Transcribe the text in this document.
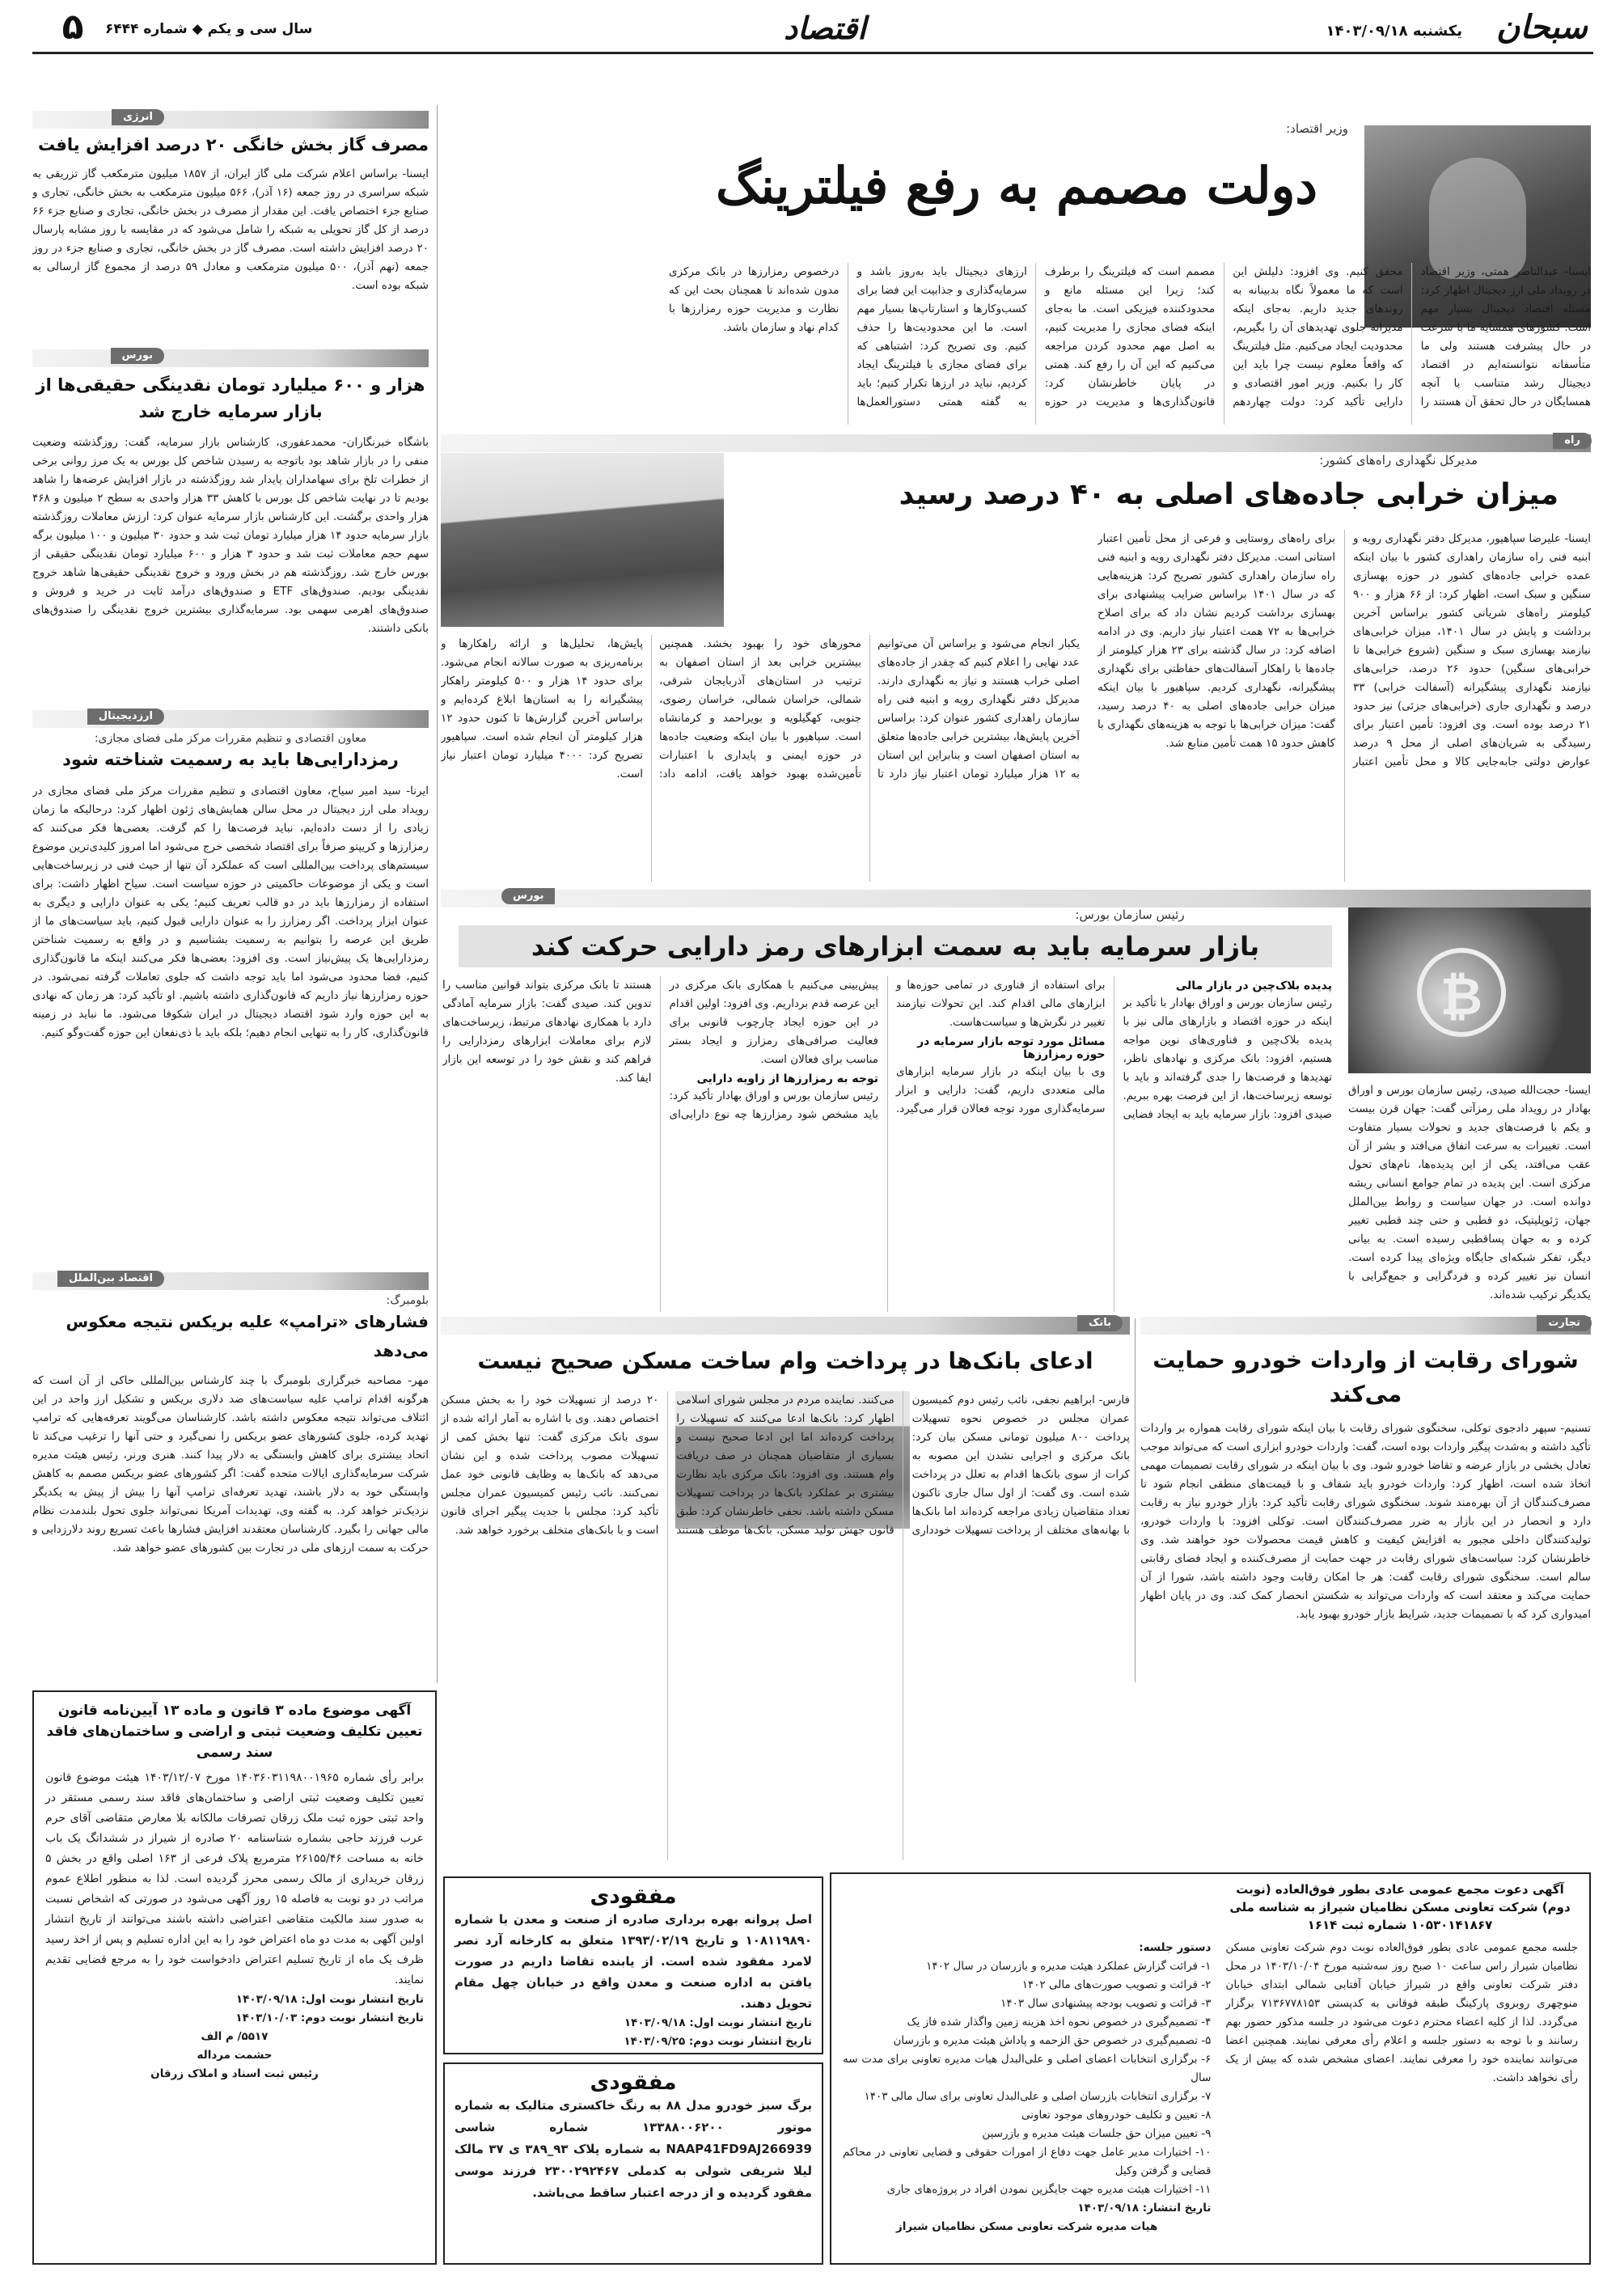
سبحان
یکشنبه ۱۴۰۳/۰۹/۱۸
اقتصاد
سال سی و یکم ◆ شماره ۶۴۴۴
۵
وزیر اقتصاد:
دولت مصمم به رفع فیلترینگ
ایسنا- عبدالناصر همتی، وزیر اقتصاد در رویداد ملی ارز دیجیتال اظهار کرد: مسئله اقتصاد دیجیتال بسیار مهم است. کشورهای همسایه ما با سرعت در حال پیشرفت هستند ولی ما متأسفانه نتوانسته‌ایم در اقتصاد دیجیتال رشد متناسب با آنچه همسایگان در حال تحقق آن هستند را محقق کنیم. وی افزود: دلیلش این است که ما معمولاً نگاه بدبینانه به روندهای جدید داریم. به‌جای اینکه مدیرانه جلوی تهدیدهای آن را بگیریم، محدودیت ایجاد می‌کنیم. مثل فیلترینگ که واقعاً معلوم نیست چرا باید این کار را بکنیم. وزیر امور اقتصادی و دارایی تأکید کرد: دولت چهاردهم مصمم است که فیلترینگ را برطرف کند؛ زیرا این مسئله مانع و محدودکننده فیزیکی است. ما به‌جای اینکه فضای مجازی را مدیریت کنیم، به اصل مهم محدود کردن مراجعه می‌کنیم که این آن را رفع کند. همتی در پایان خاطرنشان کرد: قانون‌گذاری‌ها و مدیریت در حوزه ارزهای دیجیتال باید به‌روز باشد و سرمایه‌گذاری و جذابیت این فضا برای کسب‌وکارها و استارتاپ‌ها بسیار مهم است. ما این محدودیت‌ها را حذف کنیم. وی تصریح کرد: اشتباهی که برای فضای مجازی با فیلترینگ ایجاد کردیم، نباید در ارزها تکرار کنیم؛ باید به گفته همتی دستورالعمل‌ها درخصوص رمزارزها در بانک مرکزی مدون شده‌اند تا همچنان بحث این که نظارت و مدیریت حوزه رمزارزها با کدام نهاد و سازمان باشد.
راه
مدیرکل نگهداری راه‌های کشور:
میزان خرابی جاده‌های اصلی به ۴۰ درصد رسید
ایسنا- علیرضا سپاهیور، مدیرکل دفتر نگهداری رویه و ابنیه فنی راه سازمان راهداری کشور با بیان اینکه عمده خرابی جاده‌های کشور در حوزه بهسازی سنگین و سبک است، اظهار کرد: از ۶۶ هزار و ۹۰۰ کیلومتر راه‌های شریانی کشور براساس آخرین برداشت و پایش در سال ۱۴۰۱، میزان خرابی‌های نیازمند بهسازی سبک و سنگین (شروع خرابی‌ها تا خرابی‌های سنگین) حدود ۲۶ درصد، خرابی‌های نیازمند نگهداری پیشگیرانه (آسفالت خرابی) ۳۳ درصد و نگهداری جاری (خرابی‌های جزئی) نیز حدود ۲۱ درصد بوده است. وی افزود: تأمین اعتبار برای رسیدگی به شریان‌های اصلی از محل ۹ درصد عوارض دولتی جابه‌جایی کالا و محل تأمین اعتبار برای راه‌های روستایی و فرعی از محل تأمین اعتبار استانی است. مدیرکل دفتر نگهداری رویه و ابنیه فنی راه سازمان راهداری کشور تصریح کرد: هزینه‌هایی که در سال ۱۴۰۱ براساس ضرایب پیشنهادی برای بهسازی برداشت کردیم نشان داد که برای اصلاح خرابی‌ها به ۷۲ همت اعتبار نیاز داریم. وی در ادامه اضافه کرد: در سال گذشته برای ۲۳ هزار کیلومتر از جاده‌ها با راهکار آسفالت‌های حفاظتی برای نگهداری پیشگیرانه، نگهداری کردیم. سپاهیور با بیان اینکه میزان خرابی جاده‌های اصلی به ۴۰ درصد رسید، گفت: میزان خرابی‌ها با توجه به هزینه‌های نگهداری با کاهش حدود ۱۵ همت تأمین منابع شد.
یکبار انجام می‌شود و براساس آن می‌توانیم عدد نهایی را اعلام کنیم که چقدر از جاده‌های اصلی خراب هستند و نیاز به نگهداری دارند. مدیرکل دفتر نگهداری رویه و ابنیه فنی راه سازمان راهداری کشور عنوان کرد: براساس آخرین پایش‌ها، بیشترین خرابی جاده‌ها متعلق به استان اصفهان است و بنابراین این استان به ۱۲ هزار میلیارد تومان اعتبار نیاز دارد تا محورهای خود را بهبود بخشد. همچنین بیشترین خرابی بعد از استان اصفهان به ترتیب در استان‌های آذربایجان شرقی، شمالی، خراسان شمالی، خراسان رضوی، جنوبی، کهگیلویه و بویراحمد و کرمانشاه است. سپاهیور با بیان اینکه وضعیت جاده‌ها در حوزه ایمنی و پایداری با اعتبارات تأمین‌شده بهبود خواهد یافت، ادامه داد: پایش‌ها، تحلیل‌ها و ارائه راهکارها و برنامه‌ریزی به صورت سالانه انجام می‌شود. برای حدود ۱۴ هزار و ۵۰۰ کیلومتر راهکار پیشگیرانه را به استان‌ها ابلاغ کرده‌ایم و براساس آخرین گزارش‌ها تا کنون حدود ۱۲ هزار کیلومتر آن انجام شده است. سپاهیور تصریح کرد: ۴۰۰۰ میلیارد تومان اعتبار نیاز است.
انرژی
مصرف گاز بخش خانگی ۲۰ درصد افزایش یافت
ایسنا- براساس اعلام شرکت ملی گاز ایران، از ۱۸۵۷ میلیون مترمکعب گاز تزریقی به شبکه سراسری در روز جمعه (۱۶ آذر)، ۵۶۶ میلیون مترمکعب به بخش خانگی، تجاری و صنایع جزء اختصاص یافت. این مقدار از مصرف در بخش خانگی، تجاری و صنایع جزء ۶۶ درصد از کل گاز تحویلی به شبکه را شامل می‌شود که در مقایسه با روز مشابه پارسال ۲۰ درصد افزایش داشته است. مصرف گاز در بخش خانگی، تجاری و صنایع جزء در روز جمعه (نهم آذر)، ۵۰۰ میلیون مترمکعب و معادل ۵۹ درصد از مجموع گاز ارسالی به شبکه بوده است.
بورس
هزار و ۶۰۰ میلیارد تومان نقدینگی حقیقی‌ها از بازار سرمایه خارج شد
باشگاه خبرنگاران- محمدعفوری، کارشناس بازار سرمایه، گفت: روزگذشته وضعیت منفی را در بازار شاهد بود باتوجه به رسیدن شاخص کل بورس به یک مرز روانی برخی از خطرات تلخ برای سهامداران پایدار شد روزگذشته در بازار افزایش عرضه‌ها را شاهد بودیم تا در نهایت شاخص کل بورس با کاهش ۳۳ هزار واحدی به سطح ۲ میلیون و ۴۶۸ هزار واحدی برگشت. این کارشناس بازار سرمایه عنوان کرد: ارزش معاملات روزگذشته بازار سرمایه حدود ۱۴ هزار میلیارد تومان ثبت شد و حدود ۳۰ میلیون و ۱۰۰ میلیون برگه سهم حجم معاملات ثبت شد و حدود ۳ هزار و ۶۰۰ میلیارد تومان نقدینگی حقیقی از بورس خارج شد. روزگذشته هم در بخش ورود و خروج نقدینگی حقیقی‌ها شاهد خروج نقدینگی بودیم. صندوق‌های ETF و صندوق‌های درآمد ثابت در خرید و فروش و صندوق‌های اهرمی سهمی بود. سرمایه‌گذاری بیشترین خروج نقدینگی را صندوق‌های بانکی داشتند.
ارزدیجیتال
معاون اقتصادی و تنظیم مقررات مرکز ملی فضای مجازی:
رمزدارایی‌ها باید به رسمیت شناخته شود
ایرنا- سید امیر سیاح، معاون اقتصادی و تنظیم مقررات مرکز ملی فضای مجازی در رویداد ملی ارز دیجیتال در محل سالن همایش‌های ژئون اظهار کرد: درحالیکه ما زمان زیادی را از دست داده‌ایم، نباید فرصت‌ها را کم گرفت. بعضی‌ها فکر می‌کنند که رمزارزها و کریپتو صرفاً برای اقتصاد شخصی خرج می‌شود اما امروز کلیدی‌ترین موضوع سیستم‌های پرداخت بین‌المللی است که عملکرد آن تنها از حیث فنی در زیرساخت‌هایی است و یکی از موضوعات حاکمیتی در حوزه سیاست است. سیاح اظهار داشت: برای استفاده از رمزارزها باید در دو قالب تعریف کنیم؛ یکی به عنوان دارایی و دیگری به عنوان ابزار پرداخت. اگر رمزارز را به عنوان دارایی قبول کنیم، باید سیاست‌های ما از طریق این عرصه را بتوانیم به رسمیت بشناسیم و در واقع به رسمیت شناختن رمزدارایی‌ها یک پیش‌نیاز است. وی افزود: بعضی‌ها فکر می‌کنند اینکه ما قانون‌گذاری کنیم، فضا محدود می‌شود اما باید توجه داشت که جلوی تعاملات گرفته نمی‌شود. در حوزه رمزارزها نیاز داریم که قانون‌گذاری داشته باشیم. او تأکید کرد: هر زمان که نهادی به این حوزه وارد شود اقتصاد دیجیتال در ایران شکوفا می‌شود. ما نباید در زمینه قانون‌گذاری، کار را به تنهایی انجام دهیم؛ بلکه باید با ذی‌نفعان این حوزه گفت‌وگو کنیم.
اقتصاد بین‌الملل
بلومبرگ:
فشارهای «ترامپ» علیه بریکس نتیجه معکوس می‌دهد
مهر- مصاحبه خبرگزاری بلومبرگ با چند کارشناس بین‌المللی حاکی از آن است که هرگونه اقدام ترامپ علیه سیاست‌های ضد دلاری بریکس و تشکیل ارز واحد در این ائتلاف می‌تواند نتیجه معکوس داشته باشد. کارشناسان می‌گویند تعرفه‌هایی که ترامپ تهدید کرده، جلوی کشورهای عضو بریکس را نمی‌گیرد و حتی آنها را ترغیب می‌کند تا اتحاد بیشتری برای کاهش وابستگی به دلار پیدا کنند. هنری ورنر، رئیس هیئت مدیره شرکت سرمایه‌گذاری ایالات متحده گفت: اگر کشورهای عضو بریکس مصمم به کاهش وابستگی خود به دلار باشند، تهدید تعرفه‌ای ترامپ آنها را بیش از پیش به یکدیگر نزدیک‌تر خواهد کرد. به گفته وی، تهدیدات آمریکا نمی‌تواند جلوی تحول بلندمدت نظام مالی جهانی را بگیرد. کارشناسان معتقدند افزایش فشارها باعث تسریع روند دلارزدایی و حرکت به سمت ارزهای ملی در تجارت بین کشورهای عضو خواهد شد.
بورس
₿
رئیس سازمان بورس:
بازار سرمایه باید به سمت ابزارهای رمز دارایی حرکت کند
ایسنا- حجت‌الله صیدی، رئیس سازمان بورس و اوراق بهادار در رویداد ملی رمزآتی گفت: جهان قرن بیست و یکم با فرصت‌های جدید و تحولات بسیار متفاوت است. تغییرات به سرعت اتفاق می‌افتد و بشر از آن عقب می‌افتد، یکی از این پدیده‌ها، نام‌های تحول مرکزی است. این پدیده در تمام جوامع انسانی ریشه دوانده است. در جهان سیاست و روابط بین‌الملل جهان، ژئوپلیتیک، دو قطبی و حتی چند قطبی تغییر کرده و به جهان پسا‌قطبی رسیده است. به بیانی دیگر، تفکر شبکه‌ای جایگاه ویژه‌ای پیدا کرده است. انسان نیز تغییر کرده و فردگرایی و جمع‌گرایی با یکدیگر ترکیب شده‌اند.
پدیده بلاک‌چین در بازار مالی
رئیس سازمان بورس و اوراق بهادار با تأکید بر اینکه در حوزه اقتصاد و بازارهای مالی نیز با پدیده بلاک‌چین و فناوری‌های نوین مواجه هستیم، افزود: بانک مرکزی و نهادهای ناظر، تهدیدها و فرصت‌ها را جدی گرفته‌اند و باید با توسعه زیرساخت‌ها، از این فرصت بهره ببریم. صیدی افزود: بازار سرمایه باید به ایجاد فضایی برای استفاده از فناوری در تمامی حوزه‌ها و ابزارهای مالی اقدام کند. این تحولات نیازمند تغییر در نگرش‌ها و سیاست‌هاست.
مسائل مورد توجه بازار سرمایه در حوزه رمزارزها
وی با بیان اینکه در بازار سرمایه ابزارهای مالی متعددی داریم، گفت: دارایی و ابزار سرمایه‌گذاری مورد توجه فعالان قرار می‌گیرد. پیش‌بینی می‌کنیم با همکاری بانک مرکزی در این عرصه قدم برداریم. وی افزود: اولین اقدام در این حوزه ایجاد چارچوب قانونی برای فعالیت صرافی‌های رمزارز و ایجاد بستر مناسب برای فعالان است.
توجه به رمزارزها از زاویه دارایی
رئیس سازمان بورس و اوراق بهادار تأکید کرد: باید مشخص شود رمزارزها چه نوع دارایی‌ای هستند تا بانک مرکزی بتواند قوانین مناسب را تدوین کند. صیدی گفت: بازار سرمایه آمادگی دارد با همکاری نهادهای مرتبط، زیرساخت‌های لازم برای معاملات ابزارهای رمزدارایی را فراهم کند و نقش خود را در توسعه این بازار ایفا کند.
تجارت
شورای رقابت از واردات خودرو حمایت می‌کند
تسنیم- سپهر دادجوی توکلی، سخنگوی شورای رقابت با بیان اینکه شورای رقابت همواره بر واردات تأکید داشته و به‌شدت پیگیر واردات بوده است، گفت: واردات خودرو ابزاری است که می‌تواند موجب تعادل بخشی در بازار عرضه و تقاضا خودرو شود. وی با بیان اینکه در شورای رقابت تصمیمات مهمی اتخاذ شده است، اظهار کرد: واردات خودرو باید شفاف و با قیمت‌های منطقی انجام شود تا مصرف‌کنندگان از آن بهره‌مند شوند. سخنگوی شورای رقابت تأکید کرد: بازار خودرو نیاز به رقابت دارد و انحصار در این بازار به ضرر مصرف‌کنندگان است. توکلی افزود: با واردات خودرو، تولیدکنندگان داخلی مجبور به افزایش کیفیت و کاهش قیمت محصولات خود خواهند شد. وی خاطرنشان کرد: سیاست‌های شورای رقابت در جهت حمایت از مصرف‌کننده و ایجاد فضای رقابتی سالم است. سخنگوی شورای رقابت گفت: هر جا امکان رقابت وجود داشته باشد، شورا از آن حمایت می‌کند و معتقد است که واردات می‌تواند به شکستن انحصار کمک کند. وی در پایان اظهار امیدواری کرد که با تصمیمات جدید، شرایط بازار خودرو بهبود یابد.
بانک
ادعای بانک‌ها در پرداخت وام ساخت مسکن صحیح نیست
فارس- ابراهیم نجفی، نائب رئیس دوم کمیسیون عمران مجلس در خصوص نحوه تسهیلات پرداخت ۸۰۰ میلیون تومانی مسکن بیان کرد: بانک مرکزی و اجرایی نشدن این مصوبه به کرات از سوی بانک‌ها اقدام به تعلل در پرداخت شده است. وی گفت: از اول سال جاری تاکنون تعداد متقاضیان زیادی مراجعه کرده‌اند اما بانک‌ها با بهانه‌های مختلف از پرداخت تسهیلات خودداری می‌کنند. نماینده مردم در مجلس شورای اسلامی اظهار کرد: بانک‌ها ادعا می‌کنند که تسهیلات را پرداخت کرده‌اند اما این ادعا صحیح نیست و بسیاری از متقاضیان همچنان در صف دریافت وام هستند. وی افزود: بانک مرکزی باید نظارت بیشتری بر عملکرد بانک‌ها در پرداخت تسهیلات مسکن داشته باشد. نجفی خاطرنشان کرد: طبق قانون جهش تولید مسکن، بانک‌ها موظف هستند ۲۰ درصد از تسهیلات خود را به بخش مسکن اختصاص دهند. وی با اشاره به آمار ارائه شده از سوی بانک مرکزی گفت: تنها بخش کمی از تسهیلات مصوب پرداخت شده و این نشان می‌دهد که بانک‌ها به وظایف قانونی خود عمل نمی‌کنند. نائب رئیس کمیسیون عمران مجلس تأکید کرد: مجلس با جدیت پیگیر اجرای قانون است و با بانک‌های متخلف برخورد خواهد شد.
آگهی موضوع ماده ۳ قانون و ماده ۱۳ آیین‌نامه قانون تعیین تکلیف وضعیت ثبتی و اراضی و ساختمان‌های فاقد سند رسمی
برابر رأی شماره ۱۴۰۳۶۰۳۱۱۹۸۰۰۱۹۶۵ مورخ ۱۴۰۳/۱۲/۰۷ هیئت موضوع قانون تعیین تکلیف وضعیت ثبتی اراضی و ساختمان‌های فاقد سند رسمی مستقر در واحد ثبتی حوزه ثبت ملک زرقان تصرفات مالکانه بلا معارض متقاضی آقای حرم عرب فرزند حاجی بشماره شناسنامه ۲۰ صادره از شیراز در ششدانگ یک باب خانه به مساحت ۲۶۱۵۵/۴۶ مترمربع پلاک فرعی از ۱۶۳ اصلی واقع در بخش ۵ زرقان خریداری از مالک رسمی محرز گردیده است. لذا به منظور اطلاع عموم مراتب در دو نوبت به فاصله ۱۵ روز آگهی می‌شود در صورتی که اشخاص نسبت به صدور سند مالکیت متقاضی اعتراضی داشته باشند می‌توانند از تاریخ انتشار اولین آگهی به مدت دو ماه اعتراض خود را به این اداره تسلیم و پس از اخذ رسید ظرف یک ماه از تاریخ تسلیم اعتراض دادخواست خود را به مرجع قضایی تقدیم نمایند.
تاریخ انتشار نوبت اول: ۱۴۰۳/۰۹/۱۸
تاریخ انتشار نوبت دوم: ۱۴۰۳/۱۰/۰۳
۵۵۱۷/ م الف
حشمت مرداله
رئیس ثبت اسناد و املاک زرقان
مفقودی
اصل پروانه بهره برداری صادره از صنعت و معدن با شماره ۱۰۸۱۱۹۸۹۰ و تاریخ ۱۳۹۳/۰۲/۱۹ متعلق به کارخانه آرد نصر لامرد مفقود شده است. از یابنده تقاضا داریم در صورت یافتن به اداره صنعت و معدن واقع در خیابان چهل مقام تحویل دهند.
تاریخ انتشار نوبت اول: ۱۴۰۳/۰۹/۱۸
تاریخ انتشار نوبت دوم: ۱۴۰۳/۰۹/۲۵
مفقودی
برگ سبز خودرو مدل ۸۸ به رنگ خاکستری متالیک به شماره موتور ۱۳۳۸۸۰۰۶۲۰۰ شماره شاسی NAAP41FD9AJ266939 به شماره پلاک ۹۳_۳۸۹ ی ۳۷ مالک لیلا شریفی شولی به کدملی ۲۳۰۰۲۹۲۴۶۷ فرزند موسی مفقود گردیده و از درجه اعتبار ساقط می‌باشد.
آگهی دعوت مجمع عمومی عادی بطور فوق‌العاده (نوبت دوم) شرکت تعاونی مسکن نظامیان شیراز به شناسه ملی ۱۰۵۳۰۱۴۱۸۶۷ شماره ثبت ۱۶۱۴
جلسه مجمع عمومی عادی بطور فوق‌العاده نوبت دوم شرکت تعاونی مسکن نظامیان شیراز راس ساعت ۱۰ صبح روز سه‌شنبه مورخ ۱۴۰۳/۱۰/۰۴ در محل دفتر شرکت تعاونی واقع در شیراز خیابان آفتابی شمالی ابتدای خیابان منوچهری روبروی پارکینگ طبقه فوقانی به کدپستی ۷۱۳۶۷۷۸۱۵۳ برگزار می‌گردد. لذا از کلیه اعضاء محترم دعوت می‌شود در جلسه مذکور حضور بهم رسانند و با توجه به دستور جلسه و اعلام رأی معرفی نمایند. همچنین اعضا می‌توانند نماینده خود را معرفی نمایند. اعضای مشخص شده که بیش از یک رأی نخواهد داشت.
دستور جلسه:
۱- قرائت گزارش عملکرد هیئت مدیره و بازرسان در سال ۱۴۰۲
۲- قرائت و تصویب صورت‌های مالی ۱۴۰۲
۳- قرائت و تصویب بودجه پیشنهادی سال ۱۴۰۳
۴- تصمیم‌گیری در خصوص نحوه اخذ هزینه زمین واگذار شده فاز یک
۵- تصمیم‌گیری در خصوص حق الزحمه و پاداش هیئت مدیره و بازرسان
۶- برگزاری انتخابات اعضای اصلی و علی‌البدل هیات مدیره تعاونی برای مدت سه سال
۷- برگزاری انتخابات بازرسان اصلی و علی‌البدل تعاونی برای سال مالی ۱۴۰۳
۸- تعیین و تکلیف خودروهای موجود تعاونی
۹- تعیین میزان حق جلسات هیئت مدیره و بازرسین
۱۰- اختیارات مدیر عامل جهت دفاع از امورات حقوقی و قضایی تعاونی در محاکم قضایی و گرفتن وکیل
۱۱- اختیارات هیئت مدیره جهت جایگزین نمودن افراد در پروژه‌های جاری
تاریخ انتشار: ۱۴۰۳/۰۹/۱۸
هیات مدیره شرکت تعاونی مسکن نظامیان شیراز
